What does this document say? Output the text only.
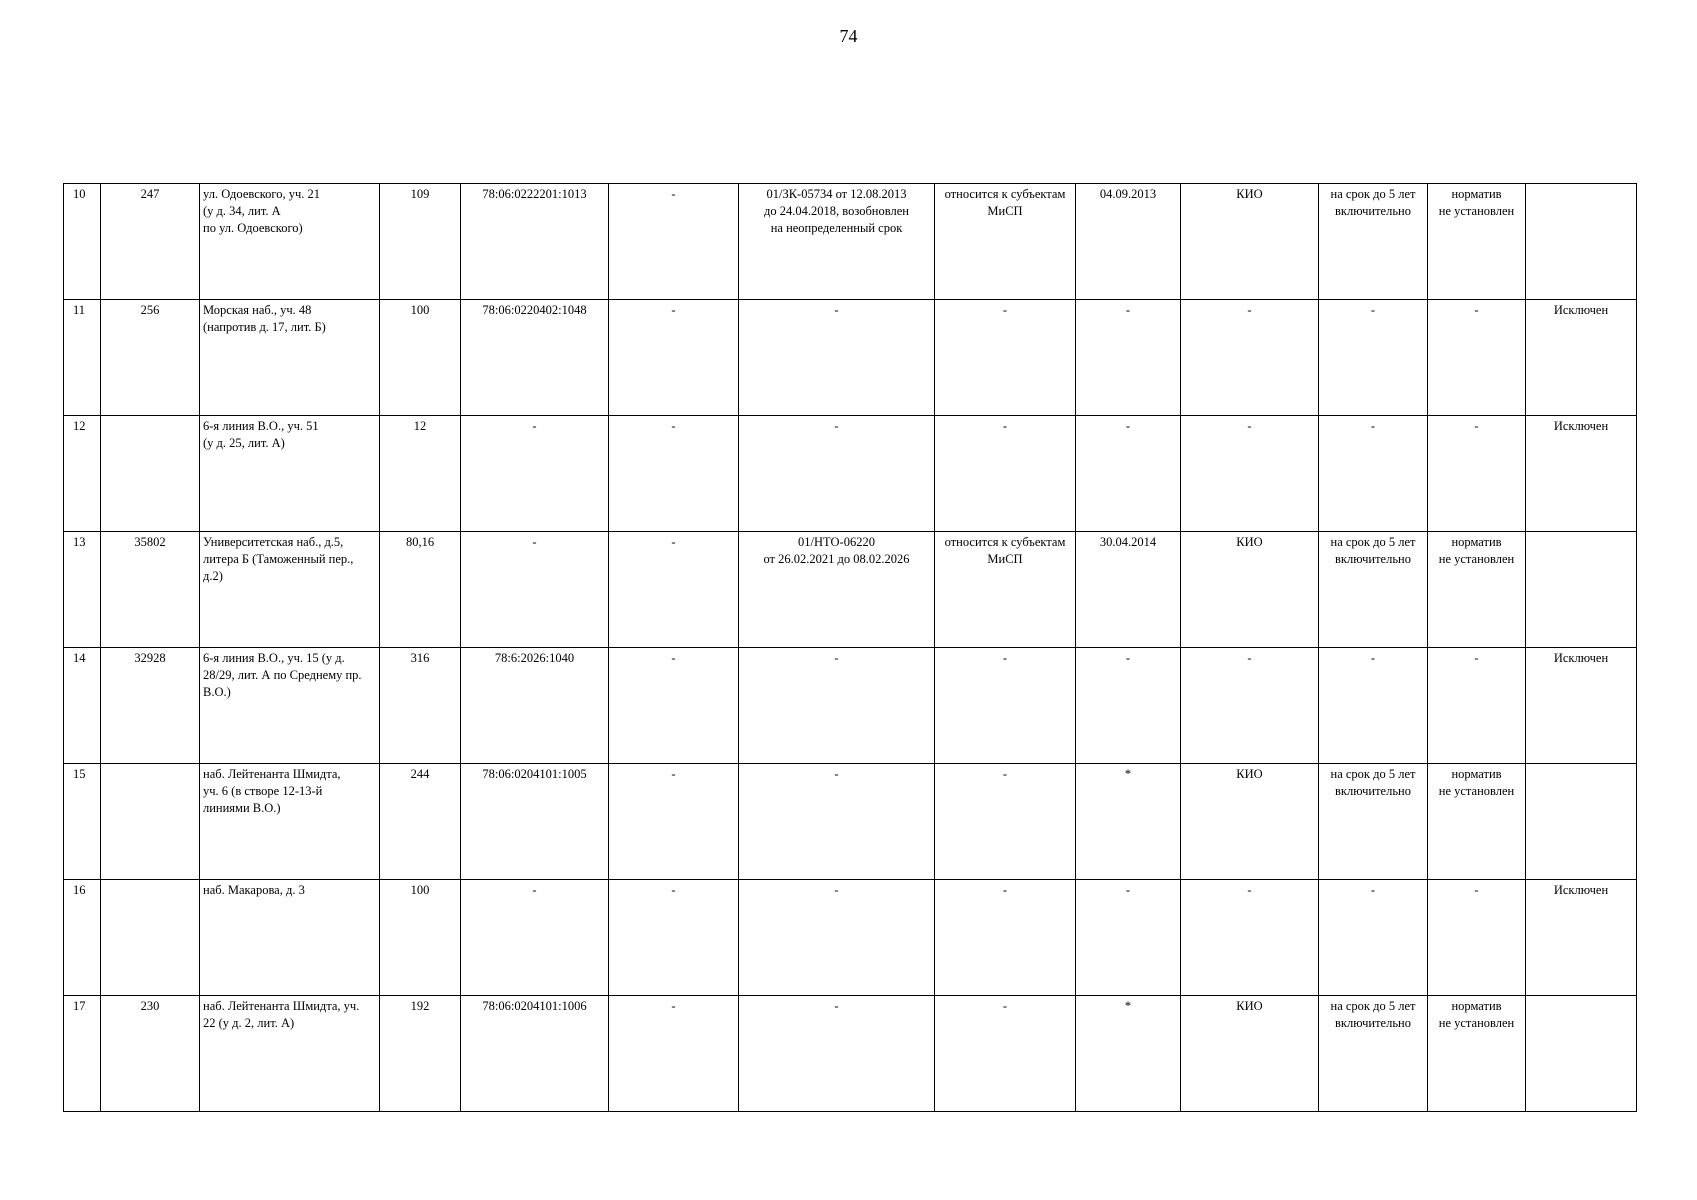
74
10	247	ул. Одоевского, уч. 21
(у д. 34, лит. А
по ул. Одоевского)	109	78:06:0222201:1013	-	01/ЗК-05734 от 12.08.2013
до 24.04.2018, возобновлен
на неопределенный срок	относится к субъектам
МиСП	04.09.2013	КИО	на срок до 5 лет
включительно	норматив
не установлен	

11	256	Морская наб., уч. 48
(напротив д. 17, лит. Б)	100	78:06:0220402:1048	-	-	-	-	-	-	-	Исключен

12		6-я линия В.О., уч. 51
(у д. 25, лит. А)	12	-	-	-	-	-	-	-	-	Исключен

13	35802	Университетская наб., д.5,
литера Б (Таможенный пер.,
д.2)	80,16	-	-	01/НТО-06220
от 26.02.2021 до 08.02.2026	относится к субъектам
МиСП	30.04.2014	КИО	на срок до 5 лет
включительно	норматив
не установлен	

14	32928	6-я линия В.О., уч. 15 (у д.
28/29, лит. А по Среднему пр.
В.О.)	316	78:6:2026:1040	-	-	-	-	-	-	-	Исключен

15		наб. Лейтенанта Шмидта,
уч. 6 (в створе 12-13-й
линиями В.О.)	244	78:06:0204101:1005	-	-	-	*	КИО	на срок до 5 лет
включительно	норматив
не установлен	

16		наб. Макарова, д. 3	100	-	-	-	-	-	-	-	-	Исключен

17	230	наб. Лейтенанта Шмидта, уч.
22 (у д. 2, лит. А)	192	78:06:0204101:1006	-	-	-	*	КИО	на срок до 5 лет
включительно	норматив
не установлен	
